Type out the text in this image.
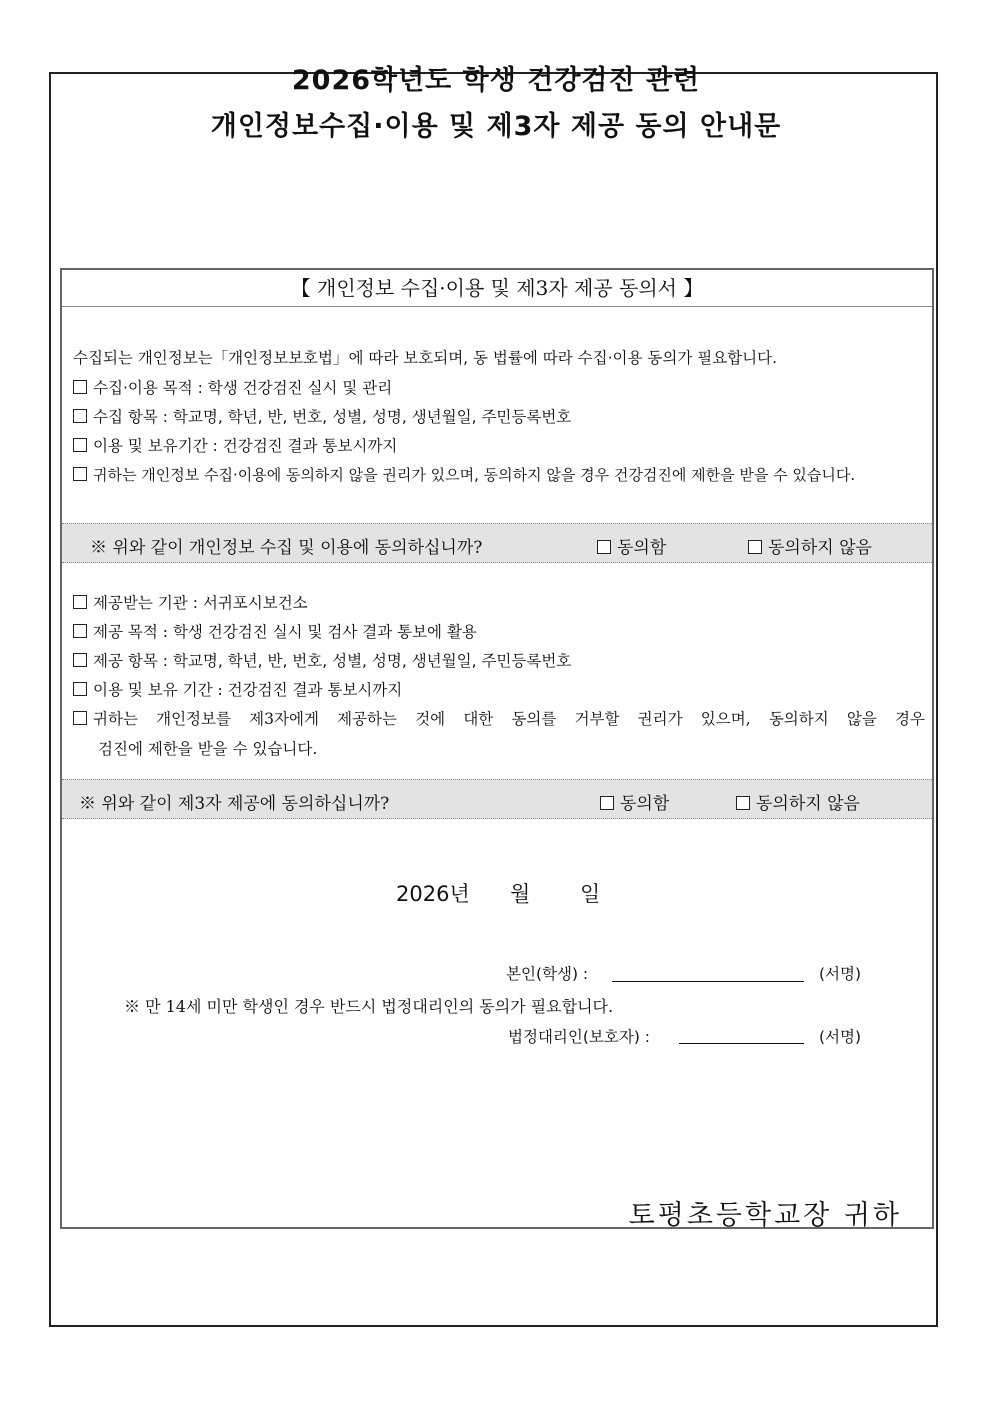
2026학년도 학생 건강검진 관련
개인정보수집·이용 및 제3자 제공 동의 안내문
【 개인정보 수집·이용 및 제3자 제공 동의서 】
수집되는 개인정보는「개인정보보호법」에 따라 보호되며, 동 법률에 따라 수집·이용 동의가 필요합니다.
수집·이용 목적 : 학생 건강검진 실시 및 관리
수집 항목 : 학교명, 학년, 반, 번호, 성별, 성명, 생년월일, 주민등록번호
이용 및 보유기간 : 건강검진 결과 통보시까지
귀하는 개인정보 수집·이용에 동의하지 않을 권리가 있으며, 동의하지 않을 경우 건강검진에 제한을 받을 수 있습니다.
※ 위와 같이 개인정보 수집 및 이용에 동의하십니까?	동의함	동의하지 않음
제공받는 기관 : 서귀포시보건소
제공 목적 : 학생 건강검진 실시 및 검사 결과 통보에 활용
제공 항목 : 학교명, 학년, 반, 번호, 성별, 성명, 생년월일, 주민등록번호
이용 및 보유 기간 : 건강검진 결과 통보시까지
귀하는 개인정보를 제3자에게 제공하는 것에 대한 동의를 거부할 권리가 있으며, 동의하지 않을 경우
검진에 제한을 받을 수 있습니다.
※ 위와 같이 제3자 제공에 동의하십니까?	동의함	동의하지 않음
2026년 월 일
본인(학생) :	(서명)
※ 만 14세 미만 학생인 경우 반드시 법정대리인의 동의가 필요합니다.
법정대리인(보호자) :	(서명)
토평초등학교장 귀하
